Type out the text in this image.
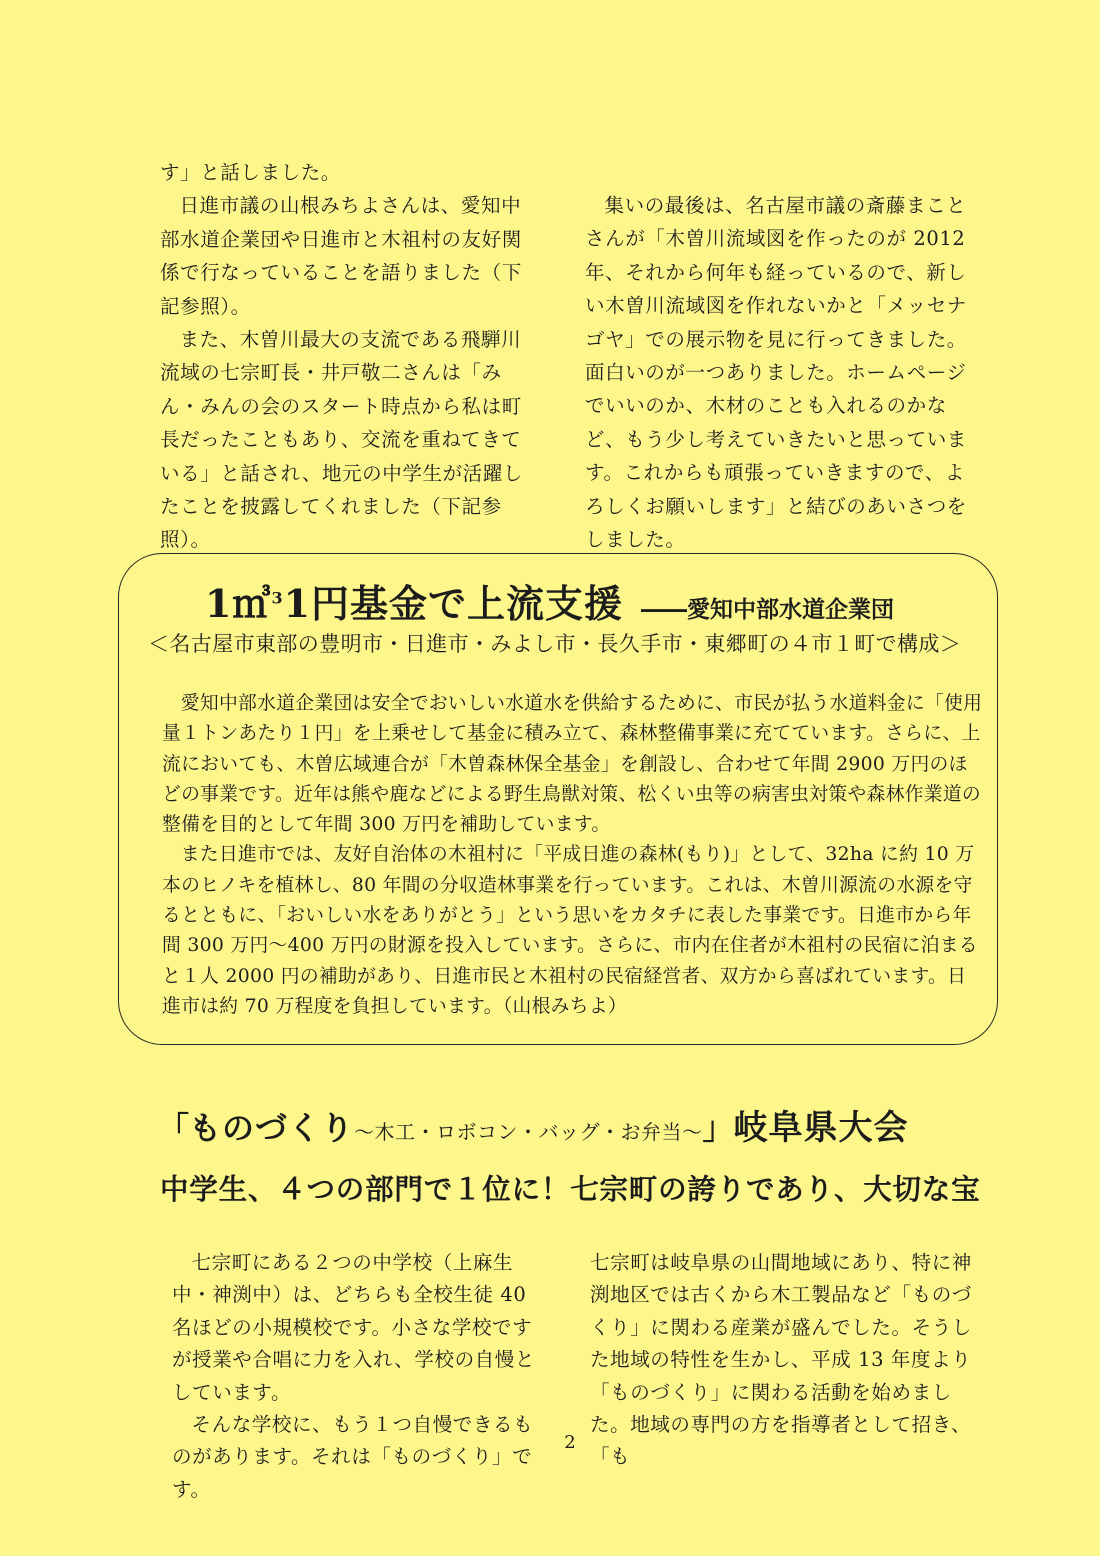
す」と話しました。

日進市議の山根みちよさんは、愛知中部水道企業団や日進市と木祖村の友好関係で行なっていることを語りました（下記参照）。

また、木曽川最大の支流である飛騨川流域の七宗町長・井戸敬二さんは「みん・みんの会のスタート時点から私は町長だったこともあり、交流を重ねてきている」と話され、地元の中学生が活躍したことを披露してくれました（下記参照）。

集いの最後は、名古屋市議の斎藤まことさんが「木曽川流域図を作ったのが 2012 年、それから何年も経っているので、新しい木曽川流域図を作れないかと「メッセナゴヤ」での展示物を見に行ってきました。面白いのが一つありました。ホームページでいいのか、木材のことも入れるのかなど、もう少し考えていきたいと思っています。これからも頑張っていきますので、よろしくお願いします」と結びのあいさつをしました。

1㎥$^3$1円基金で上流支援 ――愛知中部水道企業団
＜名古屋市東部の豊明市・日進市・みよし市・長久手市・東郷町の４市１町で構成＞

愛知中部水道企業団は安全でおいしい水道水を供給するために、市民が払う水道料金に「使用量１トンあたり１円」を上乗せして基金に積み立て、森林整備事業に充てています。さらに、上流においても、木曽広域連合が「木曽森林保全基金」を創設し、合わせて年間 2900 万円のほどの事業です。近年は熊や鹿などによる野生鳥獣対策、松くい虫等の病害虫対策や森林作業道の整備を目的として年間 300 万円を補助しています。

また日進市では、友好自治体の木祖村に「平成日進の森林(もり)」として、32ha に約 10 万本のヒノキを植林し、80 年間の分収造林事業を行っています。これは、木曽川源流の水源を守るとともに、「おいしい水をありがとう」という思いをカタチに表した事業です。日進市から年間 300 万円～400 万円の財源を投入しています。さらに、市内在住者が木祖村の民宿に泊まると１人 2000 円の補助があり、日進市民と木祖村の民宿経営者、双方から喜ばれています。日進市は約 70 万程度を負担しています。（山根みちよ）

「ものづくり～木工・ロボコン・バッグ・お弁当～」岐阜県大会
中学生、４つの部門で１位に！七宗町の誇りであり、大切な宝

七宗町にある２つの中学校（上麻生中・神渕中）は、どちらも全校生徒 40 名ほどの小規模校です。小さな学校ですが授業や合唱に力を入れ、学校の自慢としています。

そんな学校に、もう１つ自慢できるものがあります。それは「ものづくり」です。

七宗町は岐阜県の山間地域にあり、特に神渕地区では古くから木工製品など「ものづくり」に関わる産業が盛んでした。そうした地域の特性を生かし、平成 13 年度より「ものづくり」に関わる活動を始めました。地域の専門の方を指導者として招き、「も

2
